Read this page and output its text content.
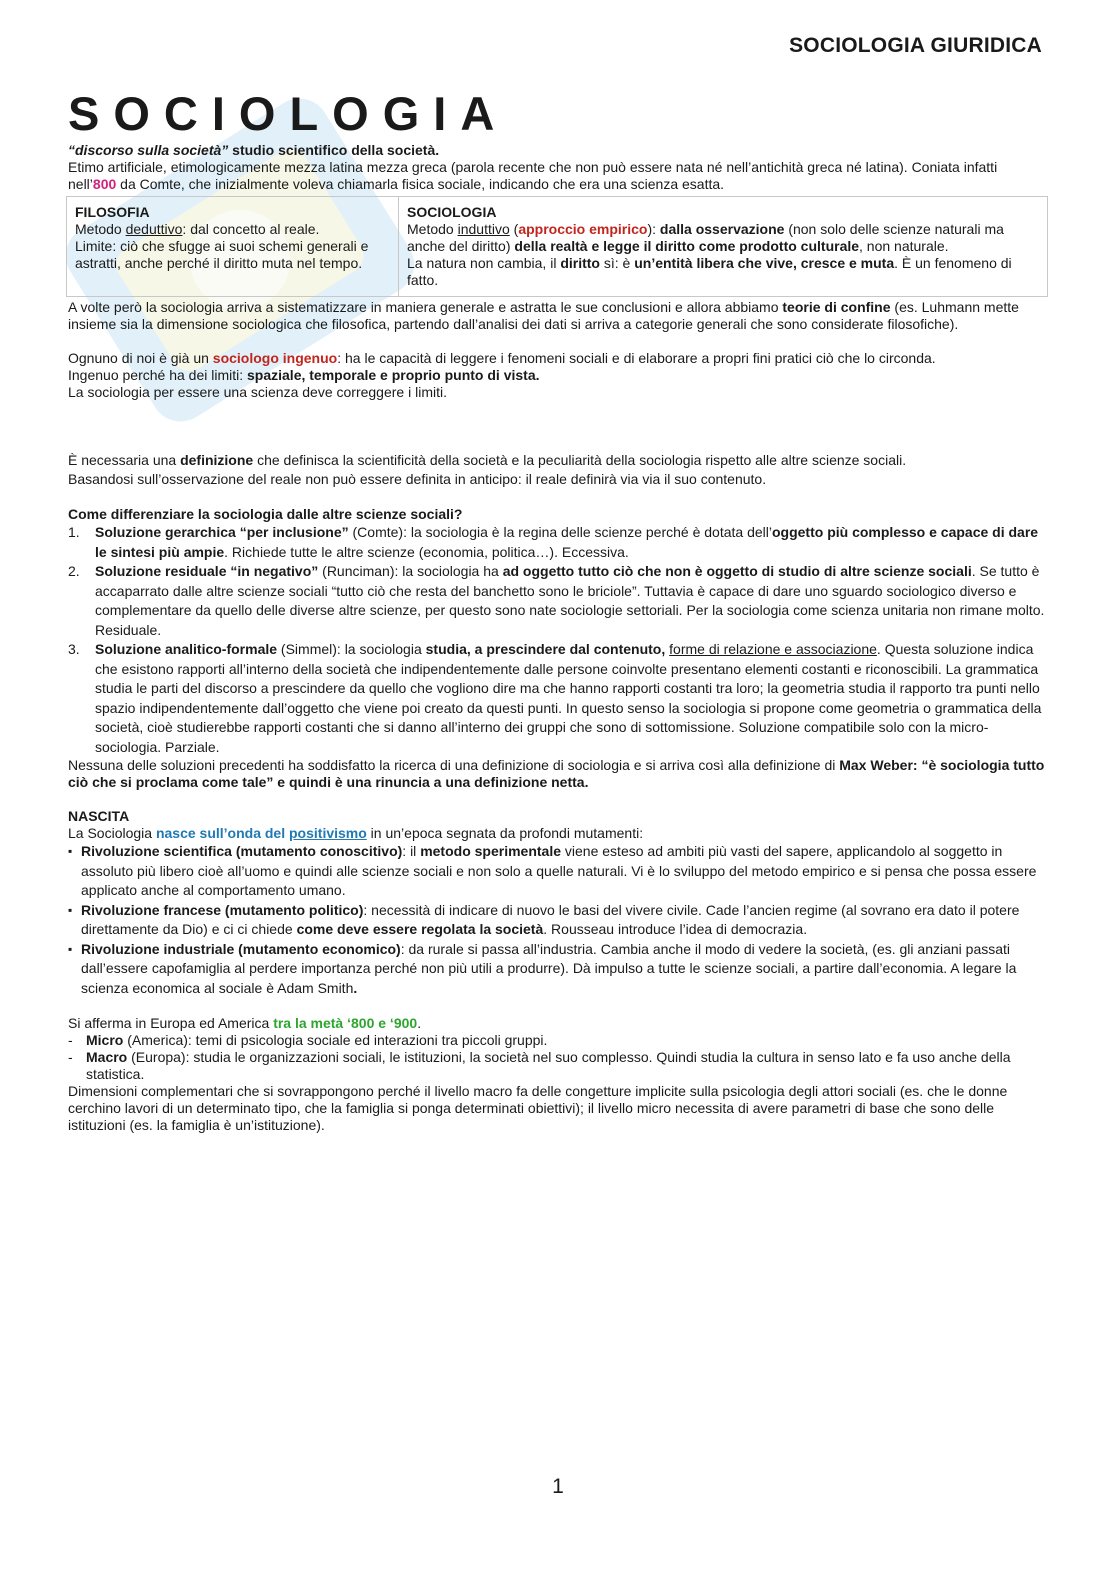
SOCIOLOGIA GIURIDICA
SOCIOLOGIA

“discorso sulla società” studio scientifico della società.

Etimo artificiale, etimologicamente mezza latina mezza greca (parola recente che non può essere nata né nell’antichità greca né latina). Coniata infatti nell’800 da Comte, che inizialmente voleva chiamarla fisica sociale, indicando che era una scienza esatta.

FILOSOFIA
Metodo deduttivo: dal concetto al reale.
Limite: ciò che sfugge ai suoi schemi generali e astratti, anche perché il diritto muta nel tempo.

SOCIOLOGIA
Metodo induttivo (approccio empirico): dalla osservazione (non solo delle scienze naturali ma anche del diritto) della realtà e legge il diritto come prodotto culturale, non naturale.
La natura non cambia, il diritto sì: è un’entità libera che vive, cresce e muta. È un fenomeno di fatto.

A volte però la sociologia arriva a sistematizzare in maniera generale e astratta le sue conclusioni e allora abbiamo teorie di confine (es. Luhmann mette insieme sia la dimensione sociologica che filosofica, partendo dall’analisi dei dati si arriva a categorie generali che sono considerate filosofiche).

Ognuno di noi è già un sociologo ingenuo: ha le capacità di leggere i fenomeni sociali e di elaborare a propri fini pratici ciò che lo circonda.

Ingenuo perché ha dei limiti: spaziale, temporale e proprio punto di vista.

La sociologia per essere una scienza deve correggere i limiti.

È necessaria una definizione che definisca la scientificità della società e la peculiarità della sociologia rispetto alle altre scienze sociali.

Basandosi sull’osservazione del reale non può essere definita in anticipo: il reale definirà via via il suo contenuto.

Come differenziare la sociologia dalle altre scienze sociali?

1. Soluzione gerarchica “per inclusione” (Comte): la sociologia è la regina delle scienze perché è dotata dell’oggetto più complesso e capace di dare le sintesi più ampie. Richiede tutte le altre scienze (economia, politica…). Eccessiva.
2. Soluzione residuale “in negativo” (Runciman): la sociologia ha ad oggetto tutto ciò che non è oggetto di studio di altre scienze sociali. Se tutto è accaparrato dalle altre scienze sociali “tutto ciò che resta del banchetto sono le briciole”. Tuttavia è capace di dare uno sguardo sociologico diverso e complementare da quello delle diverse altre scienze, per questo sono nate sociologie settoriali. Per la sociologia come scienza unitaria non rimane molto. Residuale.
3. Soluzione analitico-formale (Simmel): la sociologia studia, a prescindere dal contenuto, forme di relazione e associazione. Questa soluzione indica che esistono rapporti all’interno della società che indipendentemente dalle persone coinvolte presentano elementi costanti e riconoscibili. La grammatica studia le parti del discorso a prescindere da quello che vogliono dire ma che hanno rapporti costanti tra loro; la geometria studia il rapporto tra punti nello spazio indipendentemente dall’oggetto che viene poi creato da questi punti. In questo senso la sociologia si propone come geometria o grammatica della società, cioè studierebbe rapporti costanti che si danno all’interno dei gruppi che sono di sottomissione. Soluzione compatibile solo con la micro-sociologia. Parziale.

Nessuna delle soluzioni precedenti ha soddisfatto la ricerca di una definizione di sociologia e si arriva così alla definizione di Max Weber: “è sociologia tutto ciò che si proclama come tale” e quindi è una rinuncia a una definizione netta.

NASCITA

La Sociologia nasce sull’onda del positivismo in un’epoca segnata da profondi mutamenti:

▪ Rivoluzione scientifica (mutamento conoscitivo): il metodo sperimentale viene esteso ad ambiti più vasti del sapere, applicandolo al soggetto in assoluto più libero cioè all’uomo e quindi alle scienze sociali e non solo a quelle naturali. Vi è lo sviluppo del metodo empirico e si pensa che possa essere applicato anche al comportamento umano.
▪ Rivoluzione francese (mutamento politico): necessità di indicare di nuovo le basi del vivere civile. Cade l’ancien regime (al sovrano era dato il potere direttamente da Dio) e ci ci chiede come deve essere regolata la società. Rousseau introduce l’idea di democrazia.
▪ Rivoluzione industriale (mutamento economico): da rurale si passa all’industria. Cambia anche il modo di vedere la società, (es. gli anziani passati dall’essere capofamiglia al perdere importanza perché non più utili a produrre). Dà impulso a tutte le scienze sociali, a partire dall’economia. A legare la scienza economica al sociale è Adam Smith.

Si afferma in Europa ed America tra la metà ‘800 e ‘900.

- Micro (America): temi di psicologia sociale ed interazioni tra piccoli gruppi.
- Macro (Europa): studia le organizzazioni sociali, le istituzioni, la società nel suo complesso. Quindi studia la cultura in senso lato e fa uso anche della statistica.

Dimensioni complementari che si sovrappongono perché il livello macro fa delle congetture implicite sulla psicologia degli attori sociali (es. che le donne cerchino lavori di un determinato tipo, che la famiglia si ponga determinati obiettivi); il livello micro necessita di avere parametri di base che sono delle istituzioni (es. la famiglia è un’istituzione).

1
